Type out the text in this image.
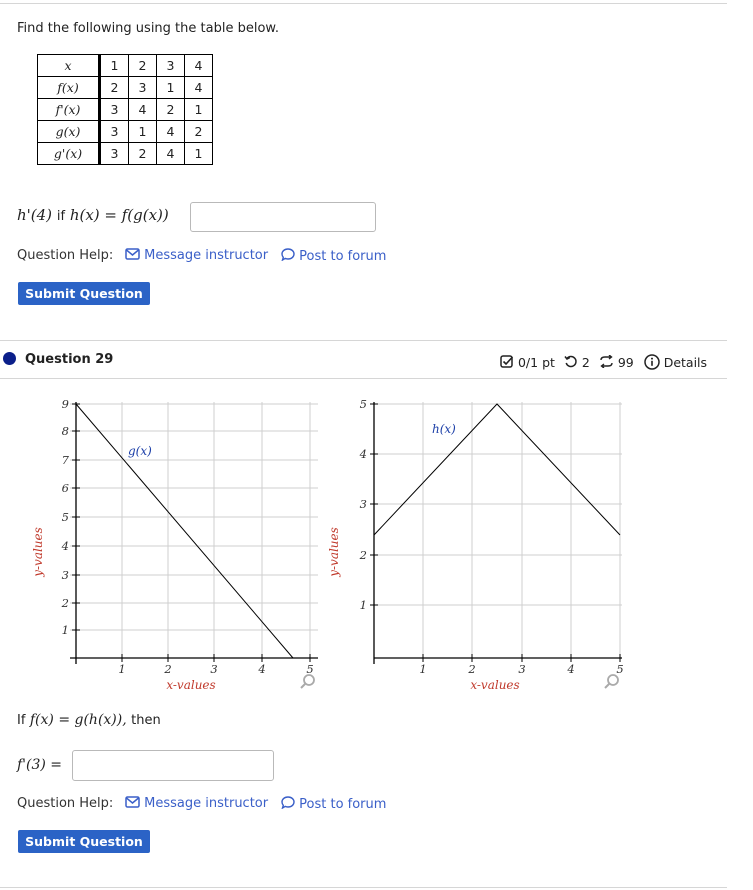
Find the following using the table below.
x	1	2	3	4
f(x)	2	3	1	4
f'(x)	3	4	2	1
g(x)	3	1	4	2
g'(x)	3	2	4	1
h'(4) if h(x) = f(g(x))
Question Help:	Message instructor	Post to forum
Submit Question
Question 29	0/1 pt 2 99 Details
1	2	3	4	5
1
2
3
4
5
6
7
8
9
y-values
x-values
g(x)
1	2	3	4	5
1
2
3
4
5
y-values
x-values
h(x)
If f(x) = g(h(x)), then
f'(3) =
Question Help:	Message instructor	Post to forum
Submit Question
